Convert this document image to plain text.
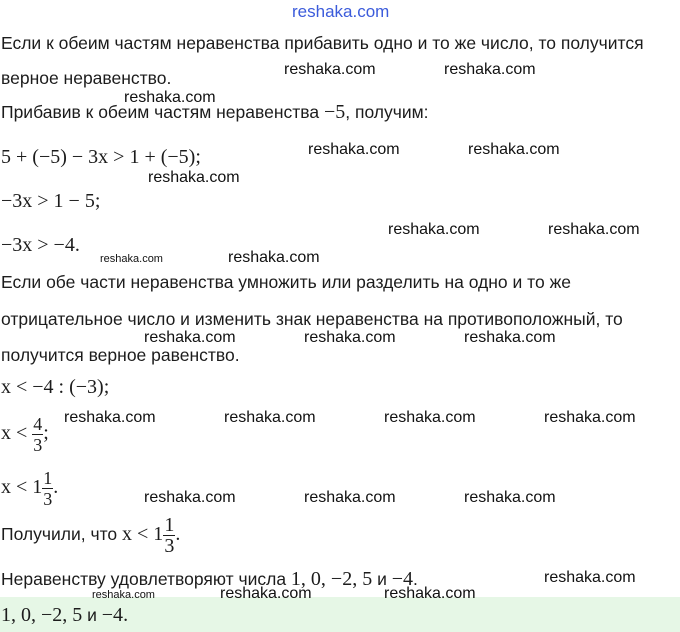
reshaka.com
Если к обеим частям неравенства прибавить одно и то же число, то получится
верное неравенство.
Прибавив к обеим частям неравенства −5, получим:
5 + (−5) − 3x > 1 + (−5);
−3x > 1 − 5;
−3x > −4.
Если обе части неравенства умножить или разделить на одно и то же
отрицательное число и изменить знак неравенства на противоположный, то
получится верное равенство.
x < −4 : (−3);
$x < \frac{4}{3}$ ;
$x < 1 \frac{1}{3}$ .
Получили, что $x < 1 \frac{1}{3}$ .
Неравенству удовлетворяют числа 1, 0, −2, 5 и −4.
1, 0, −2, 5 и −4.
reshaka.com	reshaka.com
reshaka.com
reshaka.com	reshaka.com
reshaka.com
reshaka.com	reshaka.com
reshaka.com	reshaka.com
reshaka.com	reshaka.com	reshaka.com
reshaka.com	reshaka.com	reshaka.com	reshaka.com
reshaka.com	reshaka.com	reshaka.com
reshaka.com
reshaka.com	reshaka.com	reshaka.com
